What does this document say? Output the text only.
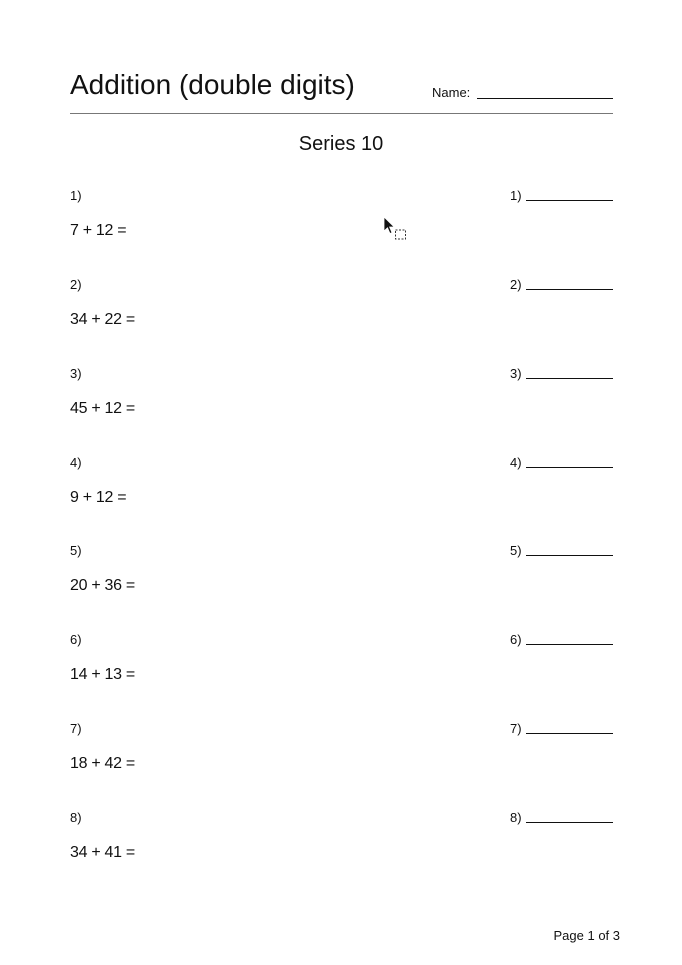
Addition (double digits)	Name:
Series 10
1)
7 + 12 =
1)
2)
34 + 22 =
2)
3)
45 + 12 =
3)
4)
9 + 12 =
4)
5)
20 + 36 =
5)
6)
14 + 13 =
6)
7)
18 + 42 =
7)
8)
34 + 41 =
8)
Page 1 of 3
